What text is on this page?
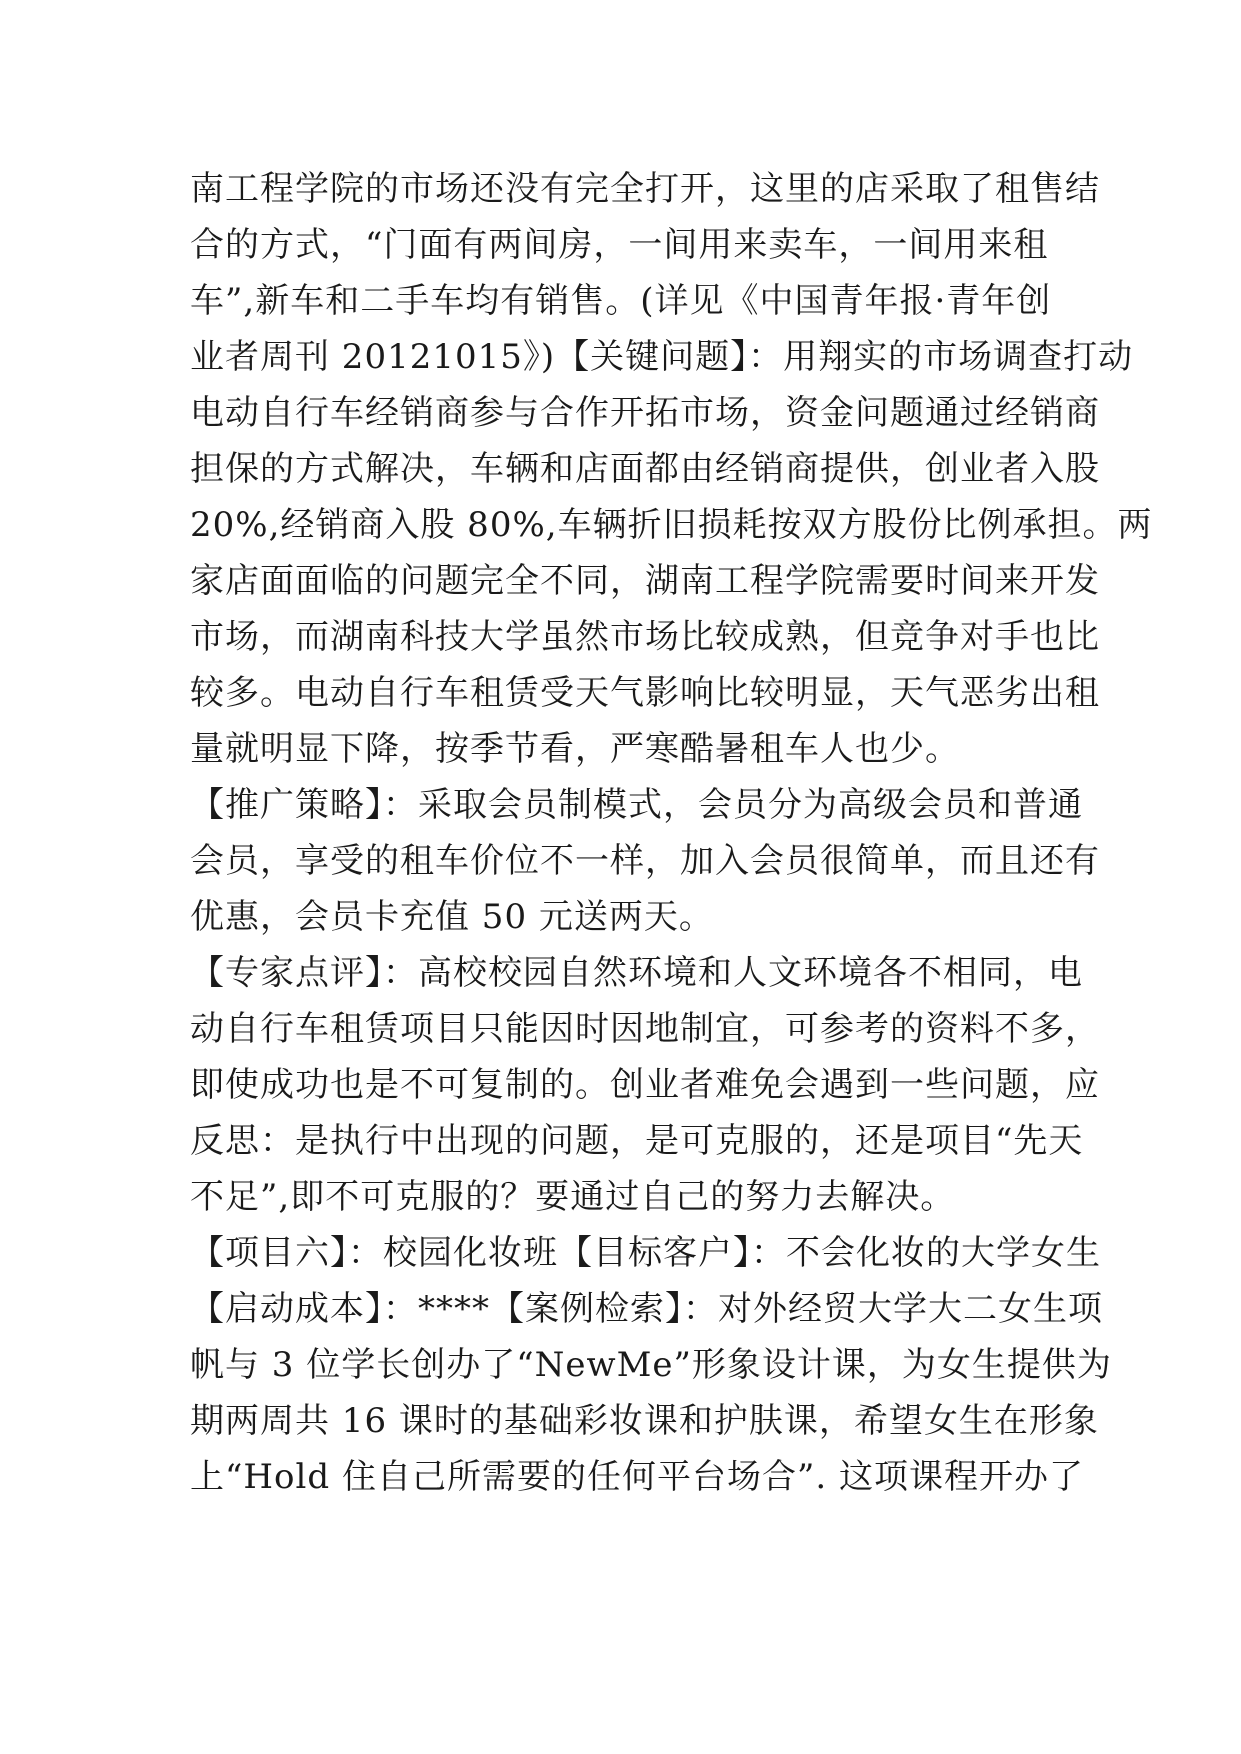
南工程学院的市场还没有完全打开，这里的店采取了租售结
合的方式，“门面有两间房，一间用来卖车，一间用来租
车”,新车和二手车均有销售。(详见《中国青年报·青年创
业者周刊 20121015》)【关键问题】：用翔实的市场调查打动
电动自行车经销商参与合作开拓市场，资金问题通过经销商
担保的方式解决，车辆和店面都由经销商提供，创业者入股
20%,经销商入股 80%,车辆折旧损耗按双方股份比例承担。两
家店面面临的问题完全不同，湖南工程学院需要时间来开发
市场，而湖南科技大学虽然市场比较成熟，但竞争对手也比
较多。电动自行车租赁受天气影响比较明显，天气恶劣出租
量就明显下降，按季节看，严寒酷暑租车人也少。
【推广策略】：采取会员制模式，会员分为高级会员和普通
会员，享受的租车价位不一样，加入会员很简单，而且还有
优惠，会员卡充值 50 元送两天。
【专家点评】：高校校园自然环境和人文环境各不相同，电
动自行车租赁项目只能因时因地制宜，可参考的资料不多，
即使成功也是不可复制的。创业者难免会遇到一些问题，应
反思：是执行中出现的问题，是可克服的，还是项目“先天
不足”,即不可克服的？要通过自己的努力去解决。
【项目六】：校园化妆班【目标客户】：不会化妆的大学女生
【启动成本】：****【案例检索】：对外经贸大学大二女生项
帆与 3 位学长创办了“NewMe”形象设计课，为女生提供为
期两周共 16 课时的基础彩妆课和护肤课，希望女生在形象
上“Hold 住自己所需要的任何平台场合”. 这项课程开办了
